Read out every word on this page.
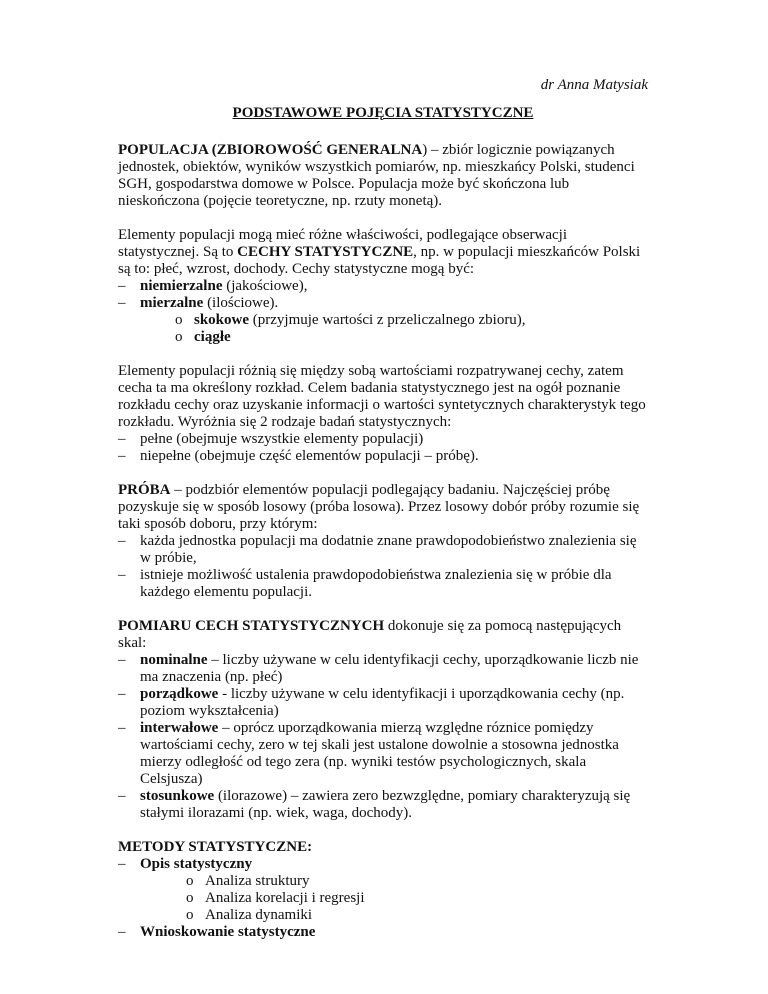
dr Anna Matysiak
PODSTAWOWE POJĘCIA STATYSTYCZNE

POPULACJA (ZBIOROWOŚĆ GENERALNA) – zbiór logicznie powiązanych jednostek, obiektów, wyników wszystkich pomiarów, np. mieszkańcy Polski, studenci SGH, gospodarstwa domowe w Polsce. Populacja może być skończona lub nieskończona (pojęcie teoretyczne, np. rzuty monetą).

Elementy populacji mogą mieć różne właściwości, podlegające obserwacji statystycznej. Są to CECHY STATYSTYCZNE, np. w populacji mieszkańców Polski są to: płeć, wzrost, dochody. Cechy statystyczne mogą być:
– niemierzalne (jakościowe),
– mierzalne (ilościowe).
o skokowe (przyjmuje wartości z przeliczalnego zbioru),
o ciągłe
Elementy populacji różnią się między sobą wartościami rozpatrywanej cechy, zatem cecha ta ma określony rozkład. Celem badania statystycznego jest na ogół poznanie rozkładu cechy oraz uzyskanie informacji o wartości syntetycznych charakterystyk tego rozkładu. Wyróżnia się 2 rodzaje badań statystycznych:
– pełne (obejmuje wszystkie elementy populacji)
– niepełne (obejmuje część elementów populacji – próbę).
PRÓBA – podzbiór elementów populacji podlegający badaniu. Najczęściej próbę pozyskuje się w sposób losowy (próba losowa). Przez losowy dobór próby rozumie się taki sposób doboru, przy którym:
– każda jednostka populacji ma dodatnie znane prawdopodobieństwo znalezienia się w próbie,
– istnieje możliwość ustalenia prawdopodobieństwa znalezienia się w próbie dla każdego elementu populacji.
POMIARU CECH STATYSTYCZNYCH dokonuje się za pomocą następujących skal:
– nominalne – liczby używane w celu identyfikacji cechy, uporządkowanie liczb nie ma znaczenia (np. płeć)
– porządkowe - liczby używane w celu identyfikacji i uporządkowania cechy (np. poziom wykształcenia)
– interwałowe – oprócz uporządkowania mierzą względne róznice pomiędzy wartościami cechy, zero w tej skali jest ustalone dowolnie a stosowna jednostka mierzy odległość od tego zera (np. wyniki testów psychologicznych, skala Celsjusza)
– stosunkowe (ilorazowe) – zawiera zero bezwzględne, pomiary charakteryzują się stałymi ilorazami (np. wiek, waga, dochody).
METODY STATYSTYCZNE:
– Opis statystyczny
o Analiza struktury
o Analiza korelacji i regresji
o Analiza dynamiki
– Wnioskowanie statystyczne
